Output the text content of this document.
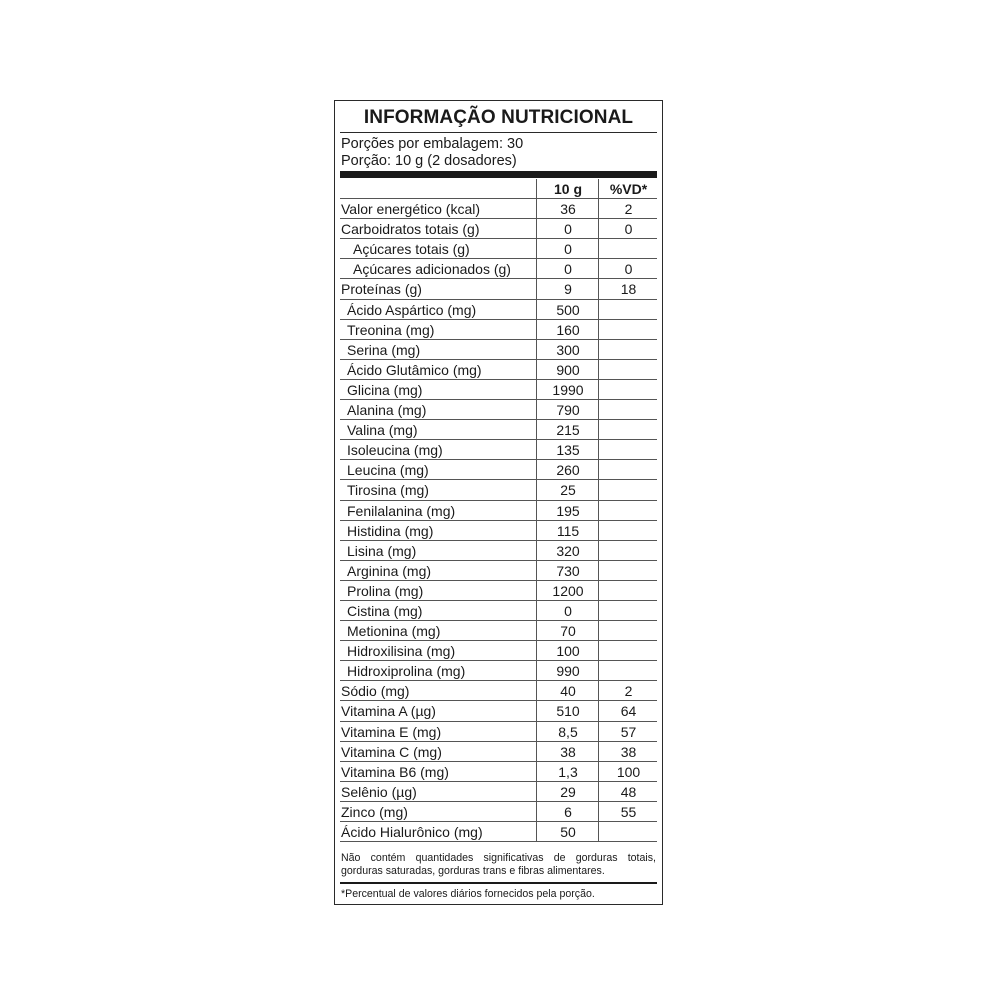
INFORMAÇÃO NUTRICIONAL
Porções por embalagem: 30
Porção: 10 g (2 dosadores)
10 g	%VD*
Valor energético (kcal)	36	2
Carboidratos totais (g)	0	0
Açúcares totais (g)	0
Açúcares adicionados (g)	0	0
Proteínas (g)	9	18
Ácido Aspártico (mg)	500
Treonina (mg)	160
Serina (mg)	300
Ácido Glutâmico (mg)	900
Glicina (mg)	1990
Alanina (mg)	790
Valina (mg)	215
Isoleucina (mg)	135
Leucina (mg)	260
Tirosina (mg)	25
Fenilalanina (mg)	195
Histidina (mg)	115
Lisina (mg)	320
Arginina (mg)	730
Prolina (mg)	1200
Cistina (mg)	0
Metionina (mg)	70
Hidroxilisina (mg)	100
Hidroxiprolina (mg)	990
Sódio (mg)	40	2
Vitamina A (µg)	510	64
Vitamina E (mg)	8,5	57
Vitamina C (mg)	38	38
Vitamina B6 (mg)	1,3	100
Selênio (µg)	29	48
Zinco (mg)	6	55
Ácido Hialurônico (mg)	50
Não contém quantidades significativas de gorduras totais, gorduras saturadas, gorduras trans e fibras alimentares.
*Percentual de valores diários fornecidos pela porção.
